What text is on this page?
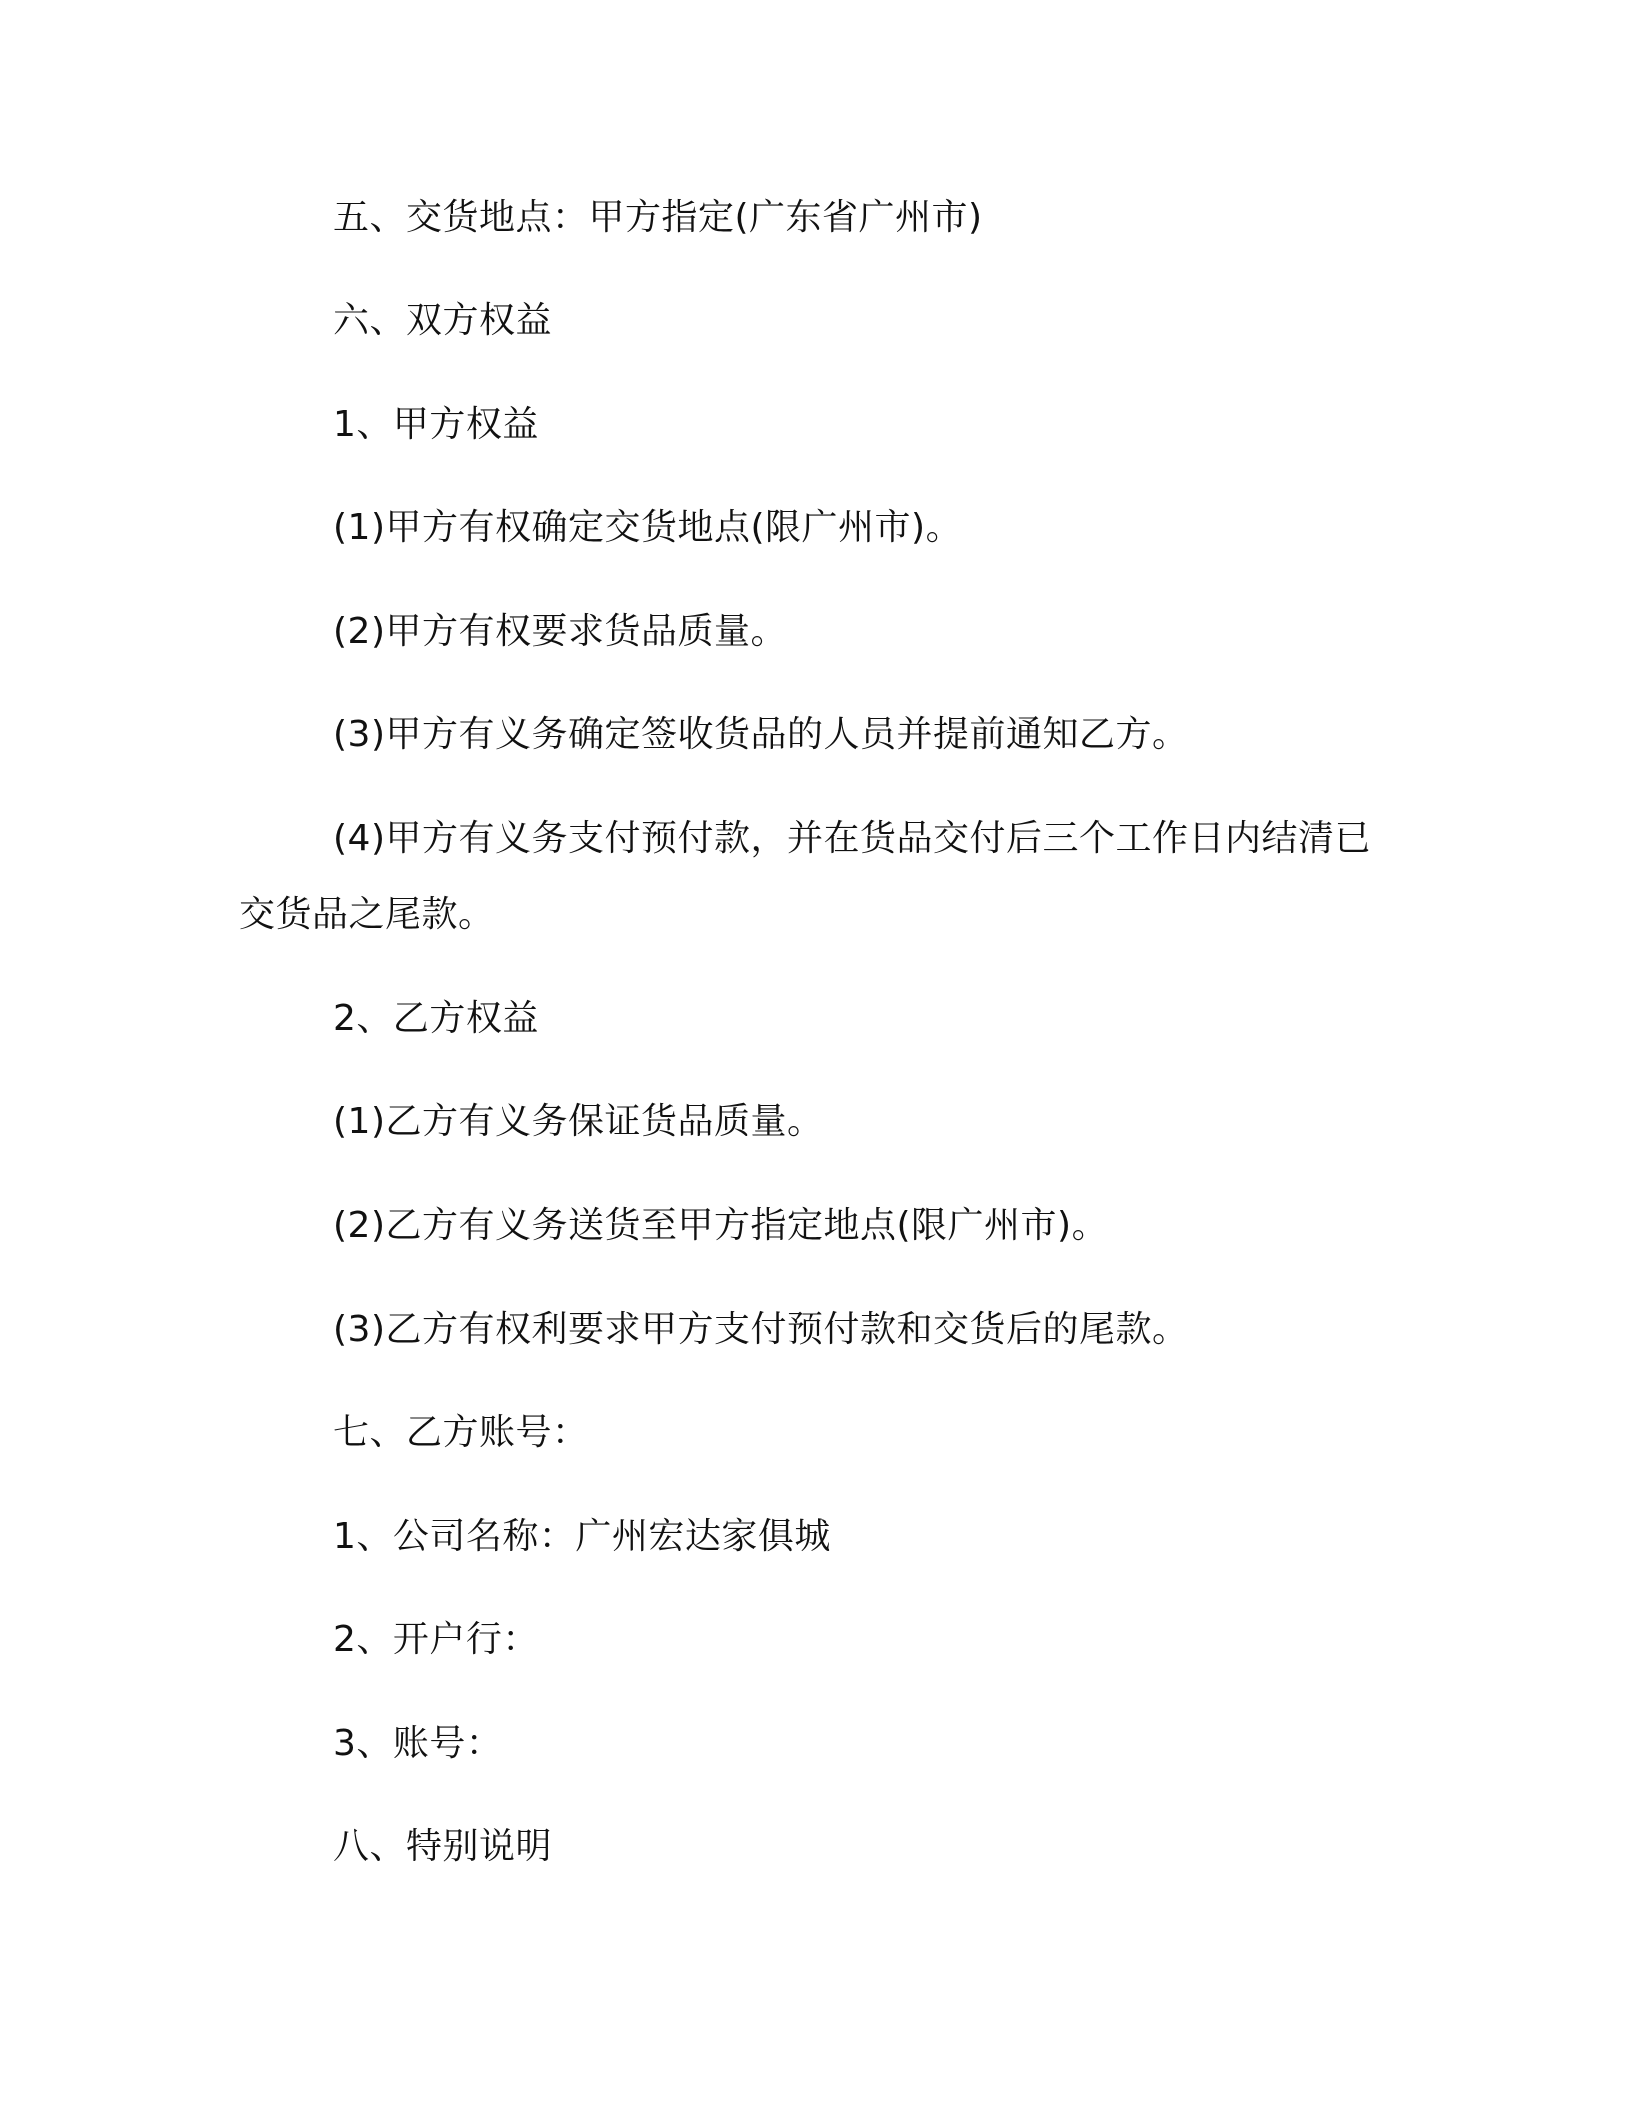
五、交货地点：甲方指定(广东省广州市)
六、双方权益
1、甲方权益
(1)甲方有权确定交货地点(限广州市)。
(2)甲方有权要求货品质量。
(3)甲方有义务确定签收货品的人员并提前通知乙方。
(4)甲方有义务支付预付款，并在货品交付后三个工作日内结清已
交货品之尾款。
2、乙方权益
(1)乙方有义务保证货品质量。
(2)乙方有义务送货至甲方指定地点(限广州市)。
(3)乙方有权利要求甲方支付预付款和交货后的尾款。
七、乙方账号：
1、公司名称：广州宏达家俱城
2、开户行：
3、账号：
八、特别说明
